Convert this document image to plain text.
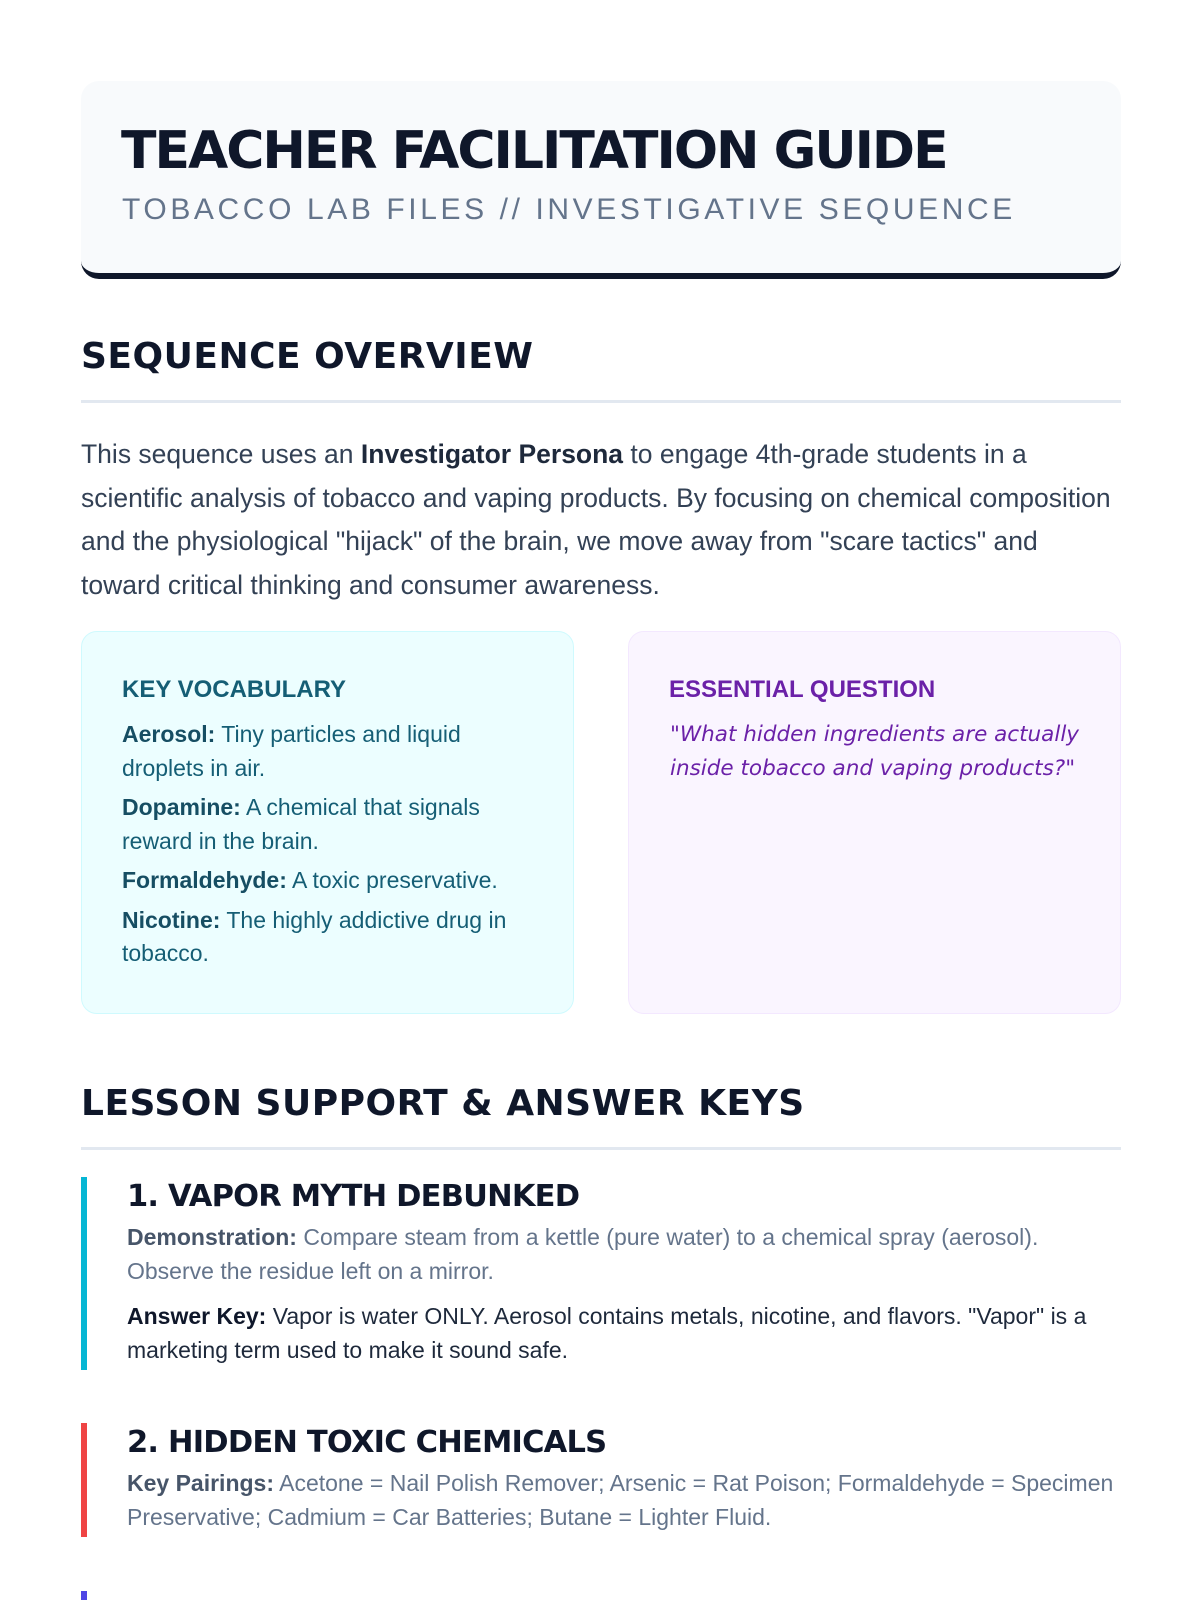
TEACHER FACILITATION GUIDE
TOBACCO LAB FILES // INVESTIGATIVE SEQUENCE
SEQUENCE OVERVIEW

This sequence uses an Investigator Persona to engage 4th-grade students in a scientific analysis of tobacco and vaping products. By focusing on chemical composition and the physiological "hijack" of the brain, we move away from "scare tactics" and toward critical thinking and consumer awareness.

KEY VOCABULARY
Aerosol: Tiny particles and liquid droplets in air.
Dopamine: A chemical that signals reward in the brain.
Formaldehyde: A toxic preservative.
Nicotine: The highly addictive drug in tobacco.
ESSENTIAL QUESTION
"What hidden ingredients are actually inside tobacco and vaping products?"
LESSON SUPPORT & ANSWER KEYS
1. VAPOR MYTH DEBUNKED
Demonstration: Compare steam from a kettle (pure water) to a chemical spray (aerosol). Observe the residue left on a mirror.
Answer Key: Vapor is water ONLY. Aerosol contains metals, nicotine, and flavors. "Vapor" is a marketing term used to make it sound safe.
2. HIDDEN TOXIC CHEMICALS
Key Pairings: Acetone = Nail Polish Remover; Arsenic = Rat Poison; Formaldehyde = Specimen Preservative; Cadmium = Car Batteries; Butane = Lighter Fluid.
